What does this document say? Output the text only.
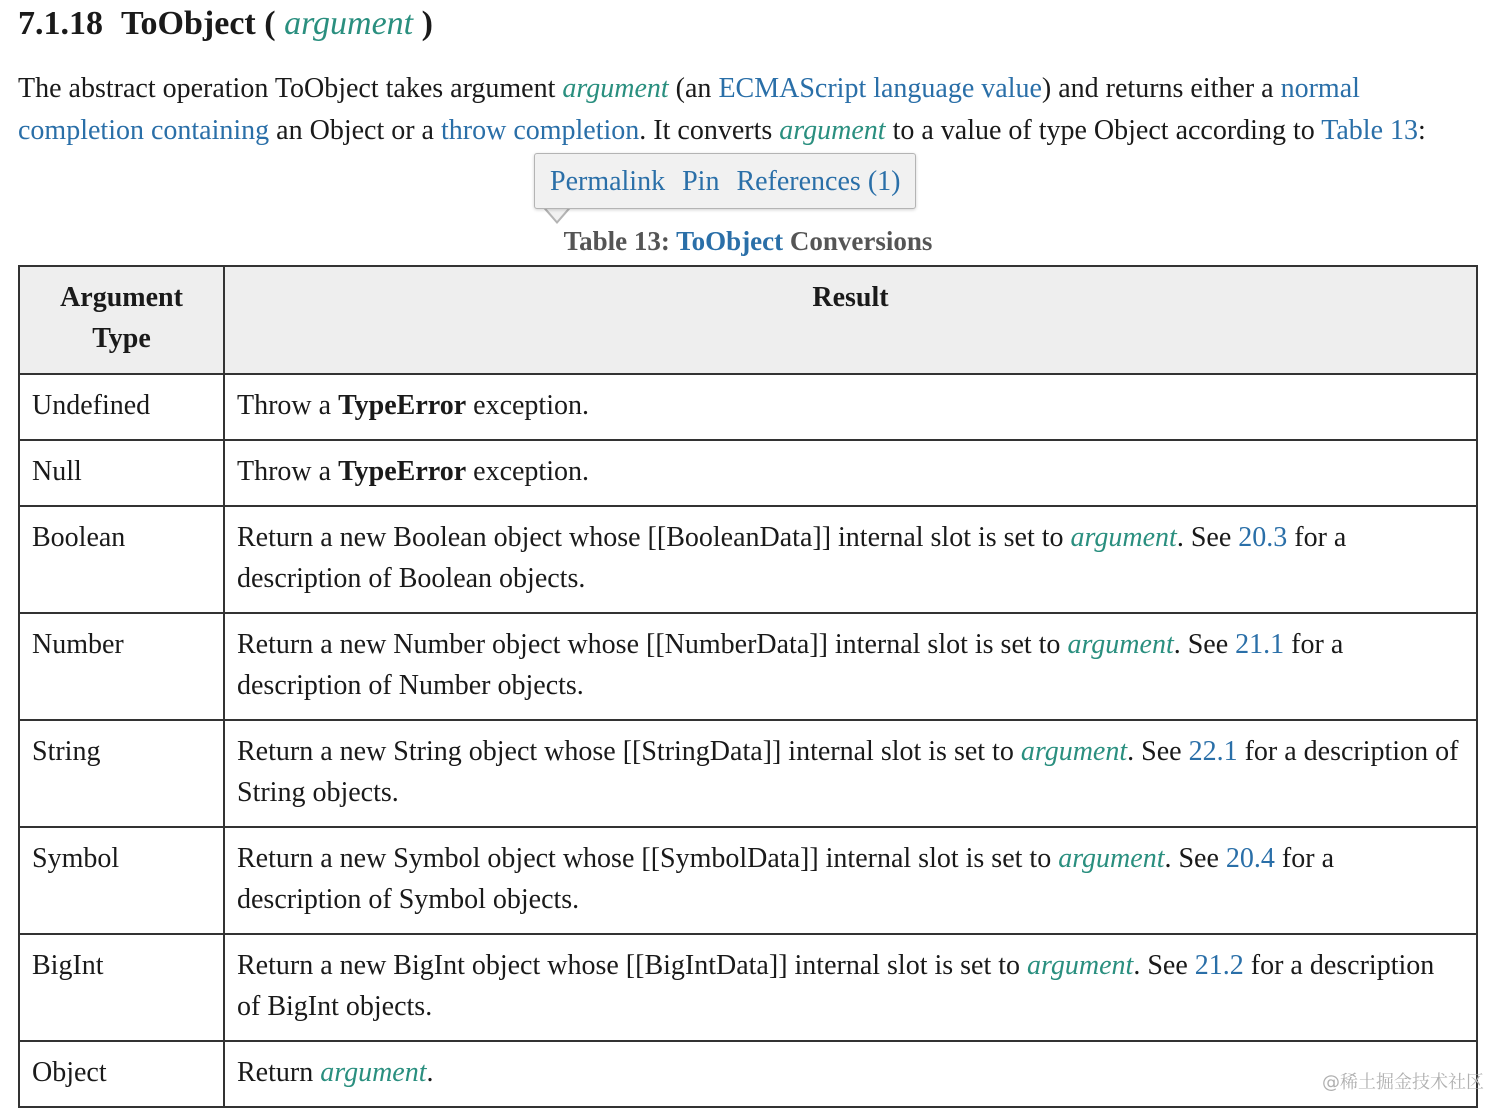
7.1.18 ToObject ( argument )

The abstract operation ToObject takes argument argument (an ECMAScript language value) and returns either a normal completion containing an Object or a throw completion. It converts argument to a value of type Object according to Table 13:

Permalink Pin References (1)
Table 13: ToObject Conversions
Argument Type	Result
Undefined	Throw a TypeError exception.
Null	Throw a TypeError exception.
Boolean	Return a new Boolean object whose [[BooleanData]] internal slot is set to argument. See 20.3 for a description of Boolean objects.
Number	Return a new Number object whose [[NumberData]] internal slot is set to argument. See 21.1 for a description of Number objects.
String	Return a new String object whose [[StringData]] internal slot is set to argument. See 22.1 for a description of String objects.
Symbol	Return a new Symbol object whose [[SymbolData]] internal slot is set to argument. See 20.4 for a description of Symbol objects.
BigInt	Return a new BigInt object whose [[BigIntData]] internal slot is set to argument. See 21.2 for a description of BigInt objects.
Object	Return argument.	@稀土掘金技术社区
